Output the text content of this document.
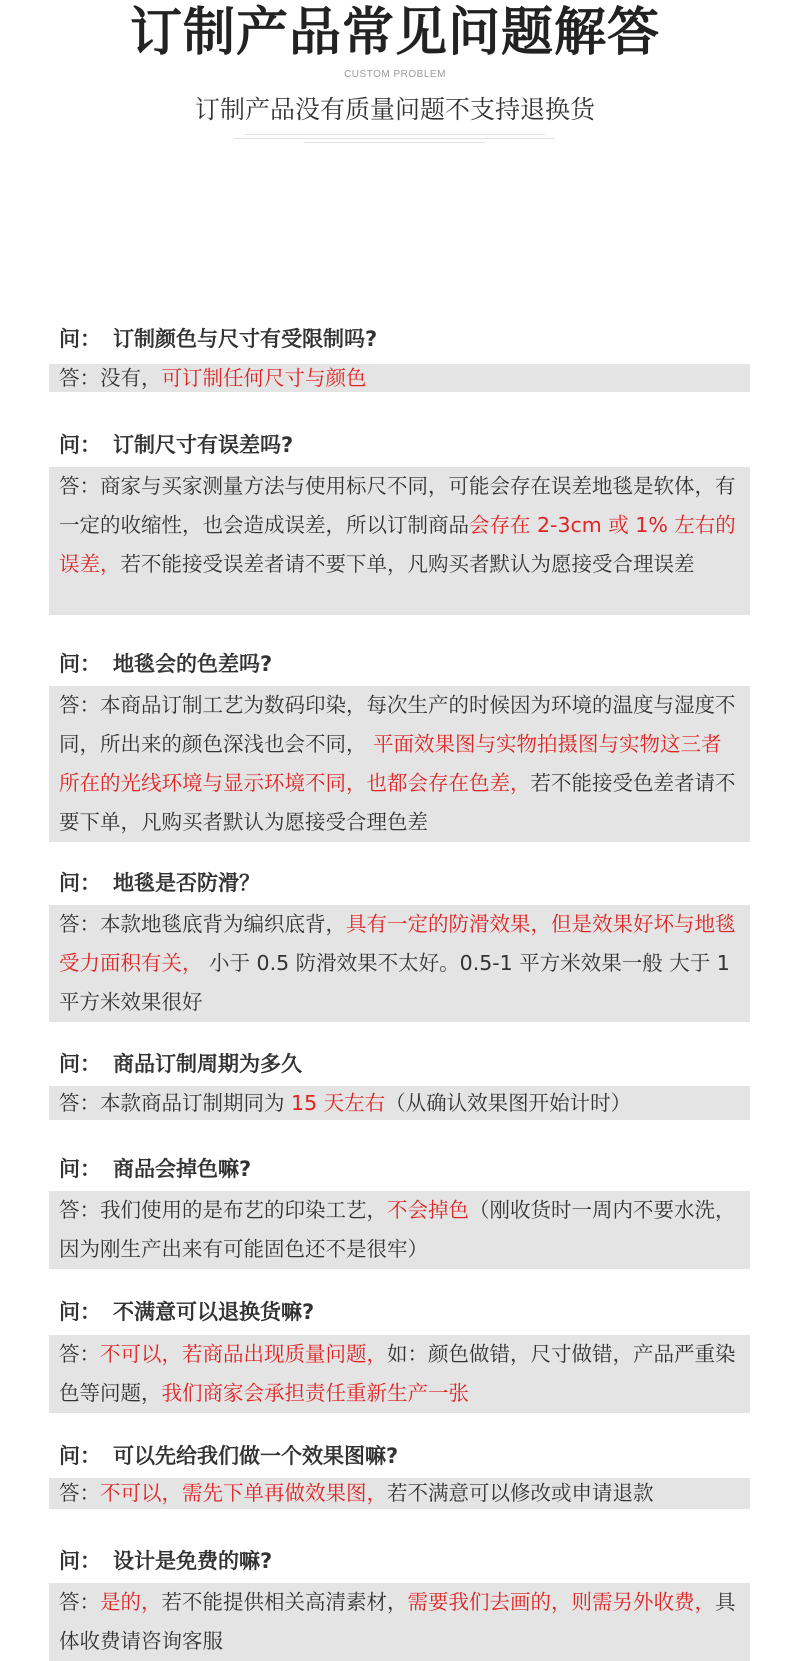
订制产品常见问题解答
CUSTOM PROBLEM
订制产品没有质量问题不支持退换货
问： 订制颜色与尺寸有受限制吗?
答：没有，可订制任何尺寸与颜色
问： 订制尺寸有误差吗?
答：商家与买家测量方法与使用标尺不同，可能会存在误差地毯是软体，有一定的收缩性，也会造成误差，所以订制商品会存在 2-3cm 或 1% 左右的误差，若不能接受误差者请不要下单，凡购买者默认为愿接受合理误差
问： 地毯会的色差吗?
答：本商品订制工艺为数码印染，每次生产的时候因为环境的温度与湿度不同，所出来的颜色深浅也会不同， 平面效果图与实物拍摄图与实物这三者所在的光线环境与显示环境不同，也都会存在色差，若不能接受色差者请不要下单，凡购买者默认为愿接受合理色差
问： 地毯是否防滑？
答：本款地毯底背为编织底背，具有一定的防滑效果，但是效果好坏与地毯受力面积有关， 小于 0.5 防滑效果不太好。0.5-1 平方米效果一般 大于 1 平方米效果很好
问： 商品订制周期为多久
答：本款商品订制期同为 15 天左右（从确认效果图开始计时）
问： 商品会掉色嘛?
答：我们使用的是布艺的印染工艺，不会掉色（刚收货时一周内不要水洗，因为刚生产出来有可能固色还不是很牢）
问： 不满意可以退换货嘛?
答：不可以，若商品出现质量问题，如：颜色做错，尺寸做错，产品严重染色等问题，我们商家会承担责任重新生产一张
问： 可以先给我们做一个效果图嘛?
答：不可以，需先下单再做效果图，若不满意可以修改或申请退款
问： 设计是免费的嘛?
答：是的，若不能提供相关高清素材，需要我们去画的，则需另外收费，具体收费请咨询客服
